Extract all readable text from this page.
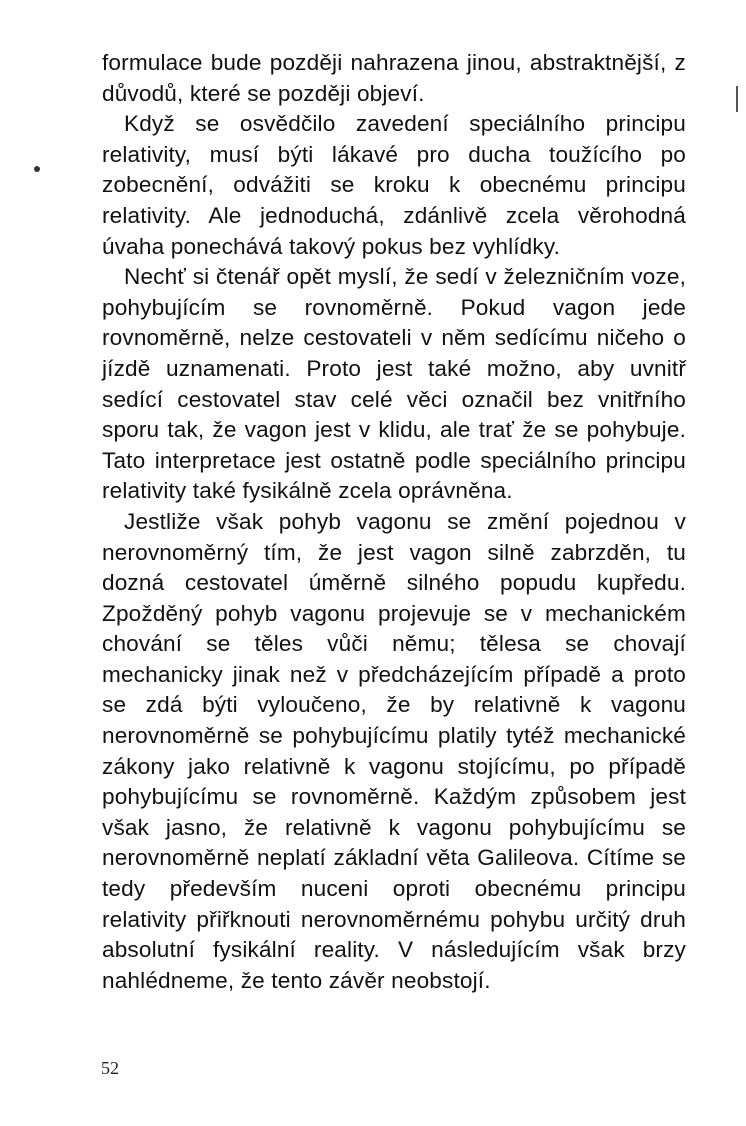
formulace bude později nahrazena jinou, abstraktnější, z důvodů, které se později objeví.

Když se osvědčilo zavedení speciálního principu relativity, musí býti lákavé pro ducha toužícího po zobecnění, odvážiti se kroku k obecnému principu relativity. Ale jednoduchá, zdánlivě zcela věrohodná úvaha ponechává takový pokus bez vyhlídky.

Nechť si čtenář opět myslí, že sedí v železničním voze, pohybujícím se rovnoměrně. Pokud vagon jede rovnoměrně, nelze cestovateli v něm sedícímu ničeho o jízdě uznamenati. Proto jest také možno, aby uvnitř sedící cestovatel stav celé věci označil bez vnitřního sporu tak, že vagon jest v klidu, ale trať že se pohybuje. Tato interpretace jest ostatně podle speciálního principu relativity také fysikálně zcela oprávněna.

Jestliže však pohyb vagonu se změní pojednou v nerovnoměrný tím, že jest vagon silně zabrzděn, tu dozná cestovatel úměrně silného popudu kupředu. Zpožděný pohyb vagonu projevuje se v mechanickém chování se těles vůči němu; tělesa se chovají mechanicky jinak než v předcházejícím případě a proto se zdá býti vyloučeno, že by relativně k vagonu nerovnoměrně se pohybujícímu platily tytéž mechanické zákony jako relativně k vagonu stojícímu, po případě pohybujícímu se rovnoměrně. Každým způsobem jest však jasno, že relativně k vagonu pohybujícímu se nerovnoměrně neplatí základní věta Galileova. Cítíme se tedy především nuceni oproti obecnému principu relativity přiřknouti nerovnoměrnému pohybu určitý druh absolutní fysikální reality. V následujícím však brzy nahlédneme, že tento závěr neobstojí.

52
